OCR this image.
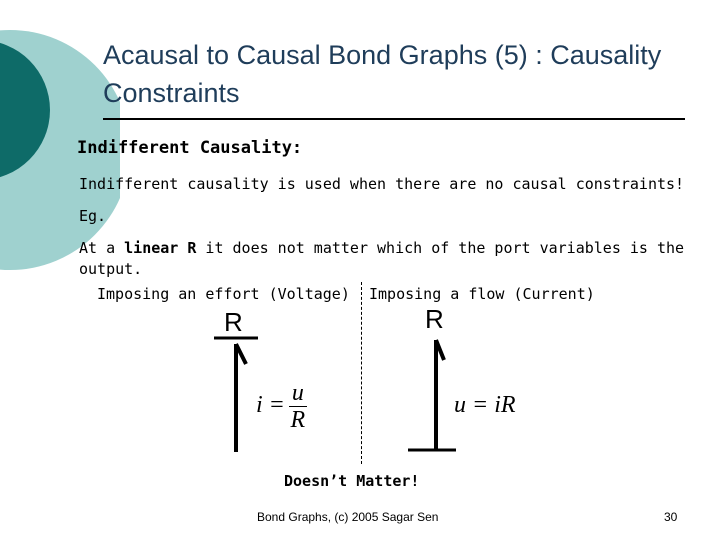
Acausal to Causal Bond Graphs (5) : Causality Constraints
Indifferent Causality:
Indifferent causality is used when there are no causal constraints!
Eg.
At a linear R it does not matter which of the port variables is the
output.
Imposing an effort (Voltage) Imposing a flow (Current)
R	R
$i = \frac{u}{R}$	u = iR
Doesn’t Matter!
Bond Graphs, (c) 2005 Sagar Sen	30
